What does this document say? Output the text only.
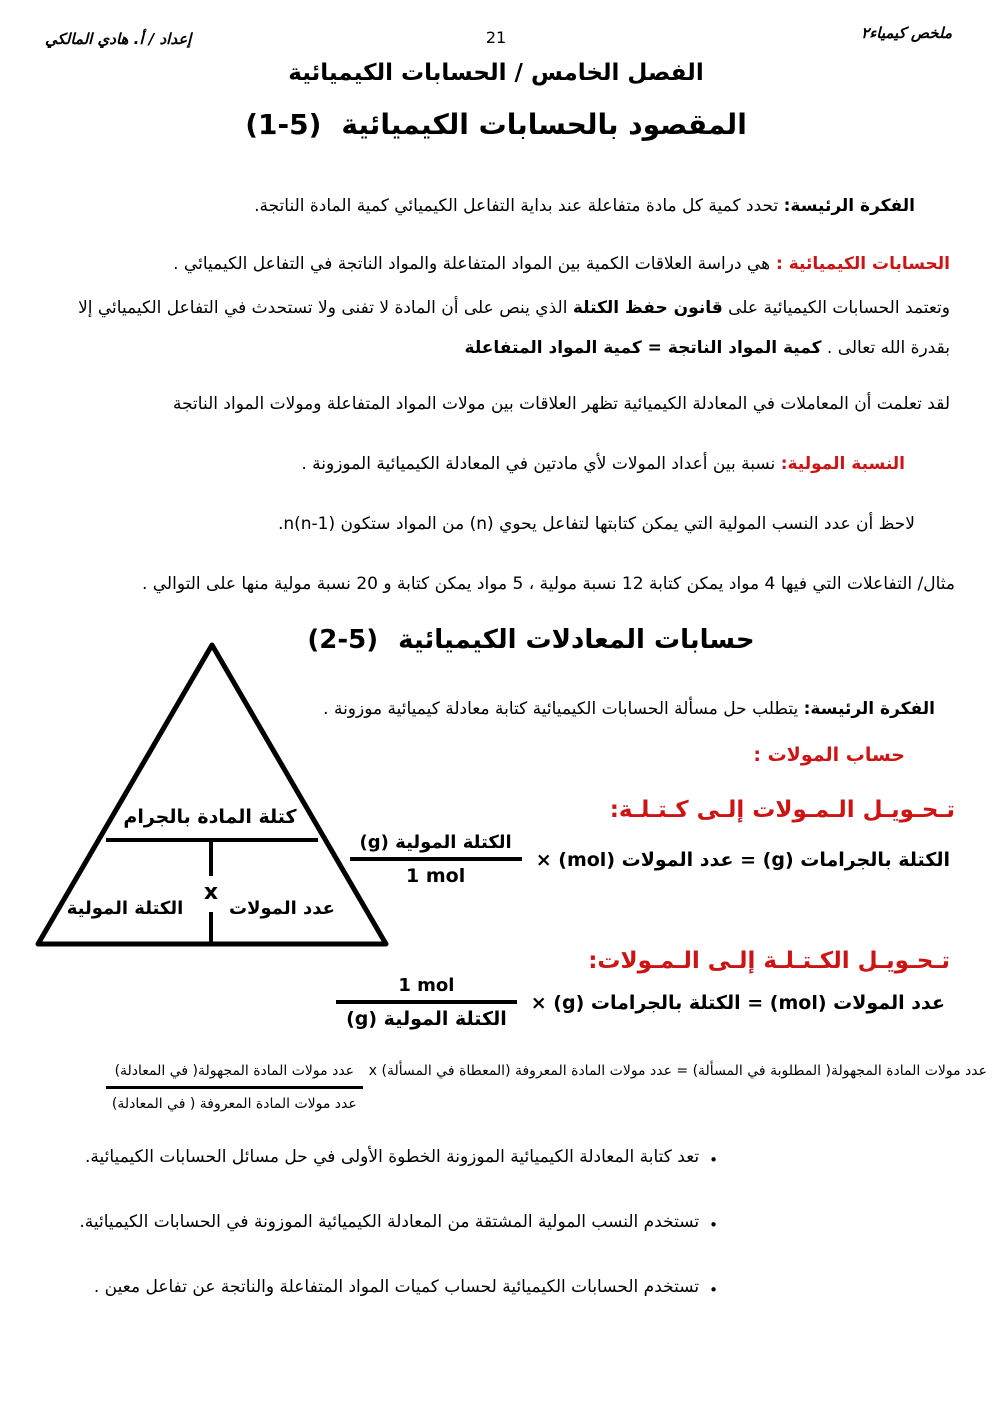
ملخص كيمياء٢
21
إعداد / أ. هادي المالكي
الفصل الخامس / الحسابات الكيميائية
المقصود بالحسابات الكيميائية
(1-5)
الفكرة الرئيسة: تحدد كمية كل مادة متفاعلة عند بداية التفاعل الكيميائي كمية المادة الناتجة.
الحسابات الكيميائية : هي دراسة العلاقات الكمية بين المواد المتفاعلة والمواد الناتجة في التفاعل الكيميائي .
وتعتمد الحسابات الكيميائية على قانون حفظ الكتلة الذي ينص على أن المادة لا تفنى ولا تستحدث في التفاعل الكيميائي إلا بقدرة الله تعالى . كمية المواد الناتجة = كمية المواد المتفاعلة
لقد تعلمت أن المعاملات في المعادلة الكيميائية تظهر العلاقات بين مولات المواد المتفاعلة ومولات المواد الناتجة
النسبة المولية: نسبة بين أعداد المولات لأي مادتين في المعادلة الكيميائية الموزونة .
لاحظ أن عدد النسب المولية التي يمكن كتابتها لتفاعل يحوي (n) من المواد ستكون n(n-1).
مثال/ التفاعلات التي فيها 4 مواد يمكن كتابة 12 نسبة مولية ، 5 مواد يمكن كتابة و 20 نسبة مولية منها على التوالي .
حسابات المعادلات الكيميائية
(2-5)
الفكرة الرئيسة: يتطلب حل مسألة الحسابات الكيميائية كتابة معادلة كيميائية موزونة .
حساب المولات :
كتلة المادة بالجرام
عدد المولات
x
الكتلة المولية
تـحـويـل الـمـولات إلـى كـتـلـة:
الكتلة بالجرامات (g) = عدد المولات (mol) ×
$\frac{\text{الكتلة المولية (g)}}{\text{1 mol}}$
تـحـويـل الكـتـلـة إلـى الـمـولات:
عدد المولات (mol) = الكتلة بالجرامات (g) ×
$\frac{\text{1 mol}}{\text{الكتلة المولية (g)}}$
عدد مولات المادة المجهولة( المطلوبة في المسألة) = عدد مولات المادة المعروفة (المعطاة في المسألة) x
عدد مولات المادة المجهولة( في المعادلة)
عدد مولات المادة المعروفة ( في المعادلة)
•
تعد كتابة المعادلة الكيميائية الموزونة الخطوة الأولى في حل مسائل الحسابات الكيميائية.
•
تستخدم النسب المولية المشتقة من المعادلة الكيميائية الموزونة في الحسابات الكيميائية.
•
تستخدم الحسابات الكيميائية لحساب كميات المواد المتفاعلة والناتجة عن تفاعل معين .
